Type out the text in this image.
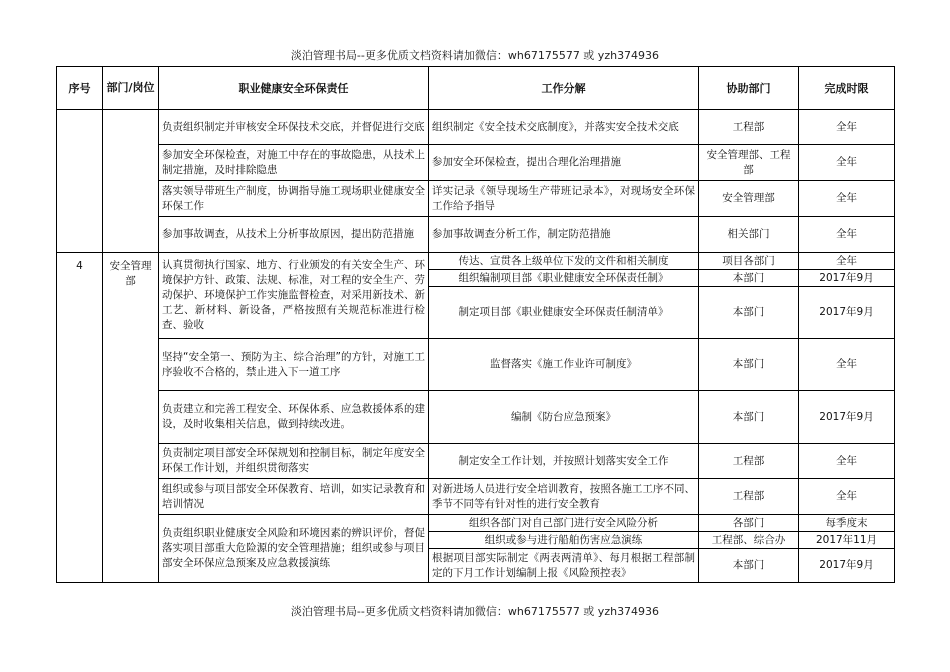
淡泊管理书局--更多优质文档资料请加微信：wh67175577 或 yzh374936
序号	部门/岗位	职业健康安全环保责任	工作分解	协助部门	完成时限
		负责组织制定并审核安全环保技术交底，并督促进行交底	组织制定《安全技术交底制度》，并落实安全技术交底	工程部	全年
		参加安全环保检查，对施工中存在的事故隐患，从技术上制定措施，及时排除隐患	参加安全环保检查，提出合理化治理措施	安全管理部、工程部	全年
		落实领导带班生产制度，协调指导施工现场职业健康安全环保工作	详实记录《领导现场生产带班记录本》，对现场安全环保工作给予指导	安全管理部	全年
		参加事故调查，从技术上分析事故原因，提出防范措施	参加事故调查分析工作，制定防范措施	相关部门	全年
4	安全管理部	认真贯彻执行国家、地方、行业颁发的有关安全生产、环境保护方针、政策、法规、标准，对工程的安全生产、劳动保护、环境保护工作实施监督检查，对采用新技术、新工艺、新材料、新设备，严格按照有关规范标准进行检查、验收	传达、宣贯各上级单位下发的文件和相关制度	项目各部门	全年
			组织编制项目部《职业健康安全环保责任制》	本部门	2017年9月
			制定项目部《职业健康安全环保责任制清单》	本部门	2017年9月
		坚持“安全第一、预防为主、综合治理”的方针，对施工工序验收不合格的，禁止进入下一道工序	监督落实《施工作业许可制度》	本部门	全年
		负责建立和完善工程安全、环保体系、应急救援体系的建设，及时收集相关信息，做到持续改进。	编制《防台应急预案》	本部门	2017年9月
		负责制定项目部安全环保规划和控制目标，制定年度安全环保工作计划，并组织贯彻落实	制定安全工作计划，并按照计划落实安全工作	工程部	全年
		组织或参与项目部安全环保教育、培训，如实记录教育和培训情况	对新进场人员进行安全培训教育，按照各施工工序不同、季节不同等有针对性的进行安全教育	工程部	全年
		负责组织职业健康安全风险和环境因素的辨识评价，督促落实项目部重大危险源的安全管理措施；组织或参与项目部安全环保应急预案及应急救援演练	组织各部门对自己部门进行安全风险分析	各部门	每季度末
			组织或参与进行船舶伤害应急演练	工程部、综合办	2017年11月
			根据项目部实际制定《两表两清单》、每月根据工程部制定的下月工作计划编制上报《风险预控表》	本部门	2017年9月
淡泊管理书局--更多优质文档资料请加微信：wh67175577 或 yzh374936
